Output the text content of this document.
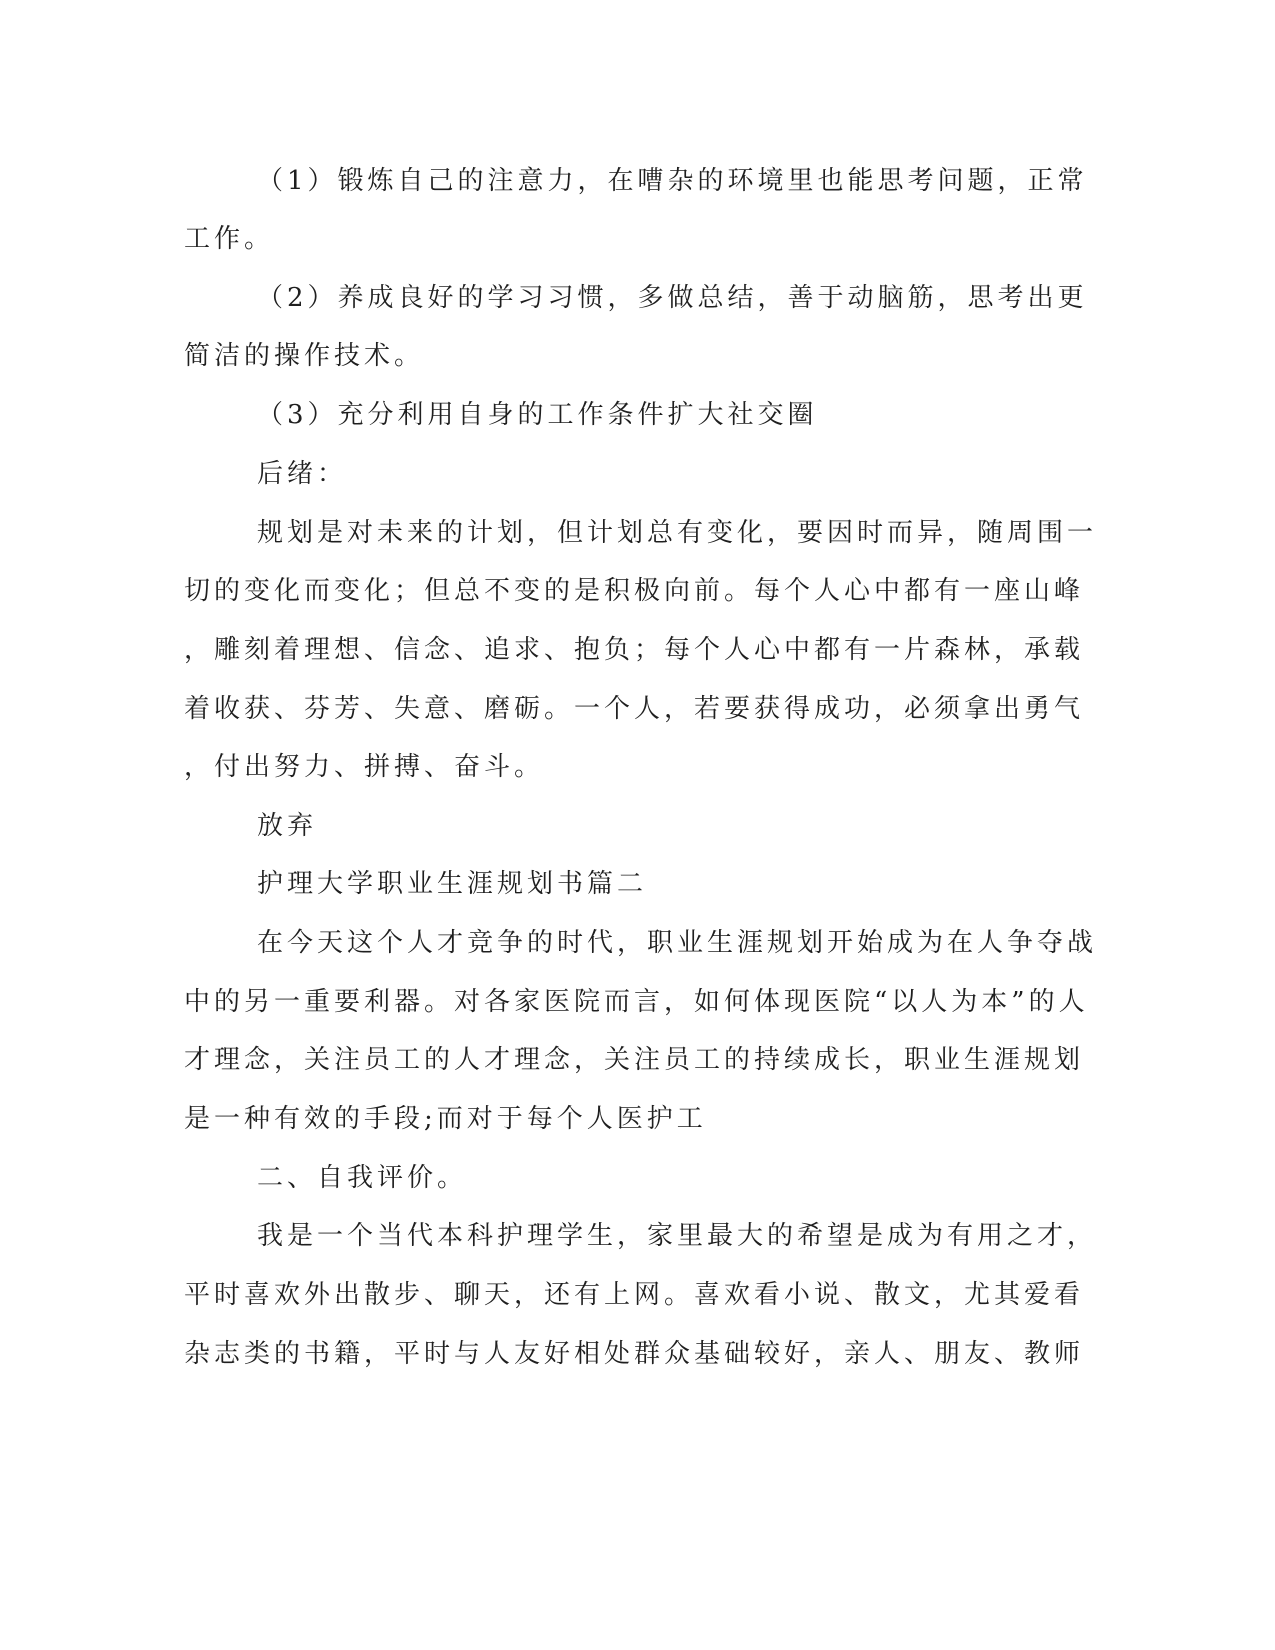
（1）锻炼自己的注意力，在嘈杂的环境里也能思考问题，正常

工作。

（2）养成良好的学习习惯，多做总结，善于动脑筋，思考出更

简洁的操作技术。

（3）充分利用自身的工作条件扩大社交圈

后绪：

规划是对未来的计划，但计划总有变化，要因时而异，随周围一

切的变化而变化；但总不变的是积极向前。每个人心中都有一座山峰

，雕刻着理想、信念、追求、抱负；每个人心中都有一片森林，承载

着收获、芬芳、失意、磨砺。一个人，若要获得成功，必须拿出勇气

，付出努力、拼搏、奋斗。

放弃

护理大学职业生涯规划书篇二

在今天这个人才竞争的时代，职业生涯规划开始成为在人争夺战

中的另一重要利器。对各家医院而言，如何体现医院“以人为本”的人

才理念，关注员工的人才理念，关注员工的持续成长，职业生涯规划

是一种有效的手段;而对于每个人医护工

二、自我评价。

我是一个当代本科护理学生，家里最大的希望是成为有用之才，

平时喜欢外出散步、聊天，还有上网。喜欢看小说、散文，尤其爱看

杂志类的书籍，平时与人友好相处群众基础较好，亲人、朋友、教师
